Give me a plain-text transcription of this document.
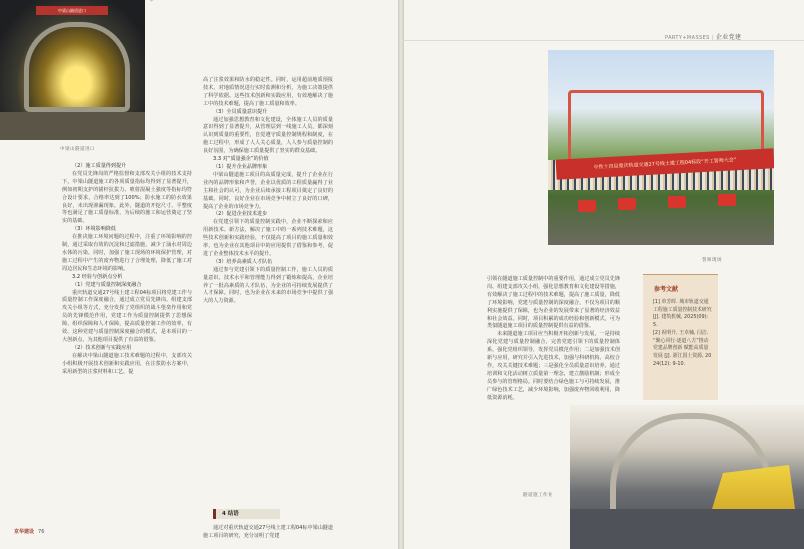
中梁山隧道进口
中梁山隧道进口

（2）施工质量得到提升

在党员先锋岗的严格监督和支部攻关小组的技术支持下，中梁山隧道施工的各项质量指标均得到了显著提升，例如初期支护的锚杆抗拔力、喷射混凝土强度等指标均符合设计要求，合格率达到了100%；防水施工的防水效果良好，未出现渗漏现象。此外，隧道的开挖尺寸、平整度等也满足了施工质量标准，为后续的施工和运营奠定了坚实的基础。

（3）环境影响降低

在推决施工环境问题的过程中，注重了环境影响的控制，通过采取有效的沉淀和过滤措施，减少了涌水对周边水体的污染。同时，加强了施工现场的环境保护管理，对施工过程中产生的废弃物进行了合理处理，降低了施工对周边居民和生态环境的影响。

3.2 经验与创新点分析

（1）党建与质量控制深度融合

重庆轨道交通27号线土建工程04标项目将党建工作与质量控制工作深度融合，通过成立党员先锋岗、组建支部攻关小组等方式，充分发挥了党组织的战斗堡垒作用和党员的先锋模范作用，党建工作为质量控制提供了思想保障、组织保障和人才保障，提高质量控制工作的效率，有效、这种党建与质量控制深度融合的模式，是本项目的一大创新点，为其他项目提供了有益的借鉴。

（2）技术创新与实践应用

在解决中梁山隧道施工技术难题的过程中，支部攻关小组积极开展技术创新和实践应用，在注浆防水方案中，采用新型的注浆材料和工艺，提

高了注浆效果和防水的稳定性。同时，运用超前地质预报技术，对地质情况进行实时监测和分析，为施工决策提供了科学依据。这些技术创新和实践应用，有效地解决了施工中的技术难题，提高了施工质量和效率。

（3）全员质量意识提升

通过加强思想教育和文化建设，全体施工人员的质量意识得到了显著提升，从管理层到一线施工人员，都深刻认识到质量的重要性，自觉遵守质量控制规程和制度，在施工过程中，形成了人人关心质量，人人参与质量控制的良好氛围，为确保施工质量提供了坚实的群众基础。

3.3 对“质量强企”的价值

（1）提升企业品牌形象

中梁山隧道施工项目的高质量完成，提升了企业在行业内的品牌形象和声誉，企业以优质的工程质量赢得了业主和社会的认可，为企业后续承接工程项目奠定了良好的基础。同时，良好企业在市场竞争中树立了良好的口碑，提高了企业的市场竞争力。

（2）促进企业技术进步

在党建引领下的质量控制实践中，企业不断探索和应用新技术、新方法，解决了施工中的一系列技术难题，这些技术创新和实践经验，不仅提高了项目的施工质量和效率，也为企业在其他项目中的应用提供了借鉴和参考，促进了企业整体技术水平的提升。

（3）培养高素质人才队伍

通过参与党建引领下的质量控制工作，施工人员的质量意识、技术水平和管理能力得到了锻炼和提高，企业培养了一批高素质的人才队伍，为企业的可持续发展提供了人才保障。同时，也为企业在未来的市场竞争中提供了强大的人力资源。

4 结语

通过对重庆轨道交通27号线土建工程04标中梁山隧道施工项目的研究，充分证明了党建

PARTY+MASSES | 企业党建
中铁十四局重庆轨道交通27号线土建工程04标段“开工誓师大会”
誓师现场

引领在隧道施工质量控制中的重要作用，通过成立党员先锋岗、组建支部攻关小组，强化思想教育和文化建设等措施，有效解决了施工过程中的技术难题，提高了施工质量，降低了环境影响，党建与质量控制的深度融合，不仅为项目的顺利实施提供了保障，也为企业的发展带来了显著的经济效益和社会效益。同时，项目积累的成功经验和创新模式，可为类似隧道施工项目的质量控制提供有益的借鉴。

未来隧道施工项目应当积极开拓创新与发展，一是持续深化党建与质量控制融合，完善党建引领下的质量控制体系，强化党组织领导，发挥党员模范作用；二是加强技术创新与应用，研究并引入先进技术，加强与科研机构、高校合作，攻关关键技术难题；三是强化全员质量意识培养，通过培训和文化活动树立质量第一理念，建立激励机制；形成全员参与的管理格局。同时要结合绿色施工与可持续发展，推广绿色技术工艺，减少环境影响，加强废弃物回收利用，降低资源消耗。

参考文献
[1] 单芳晖. 城市轨道交通工程施工质量控制技术研究 [J]. 建筑机械, 2025(09): 5.
[2] 祝明升, 王卓楠, 闫洁. “聚心同行·逐道八方”推动党建品牌创新 赋能高质量发展 [J]. 浙江国土资源, 2024(12): 9-10.
隧道施工作业
京华建设 76
